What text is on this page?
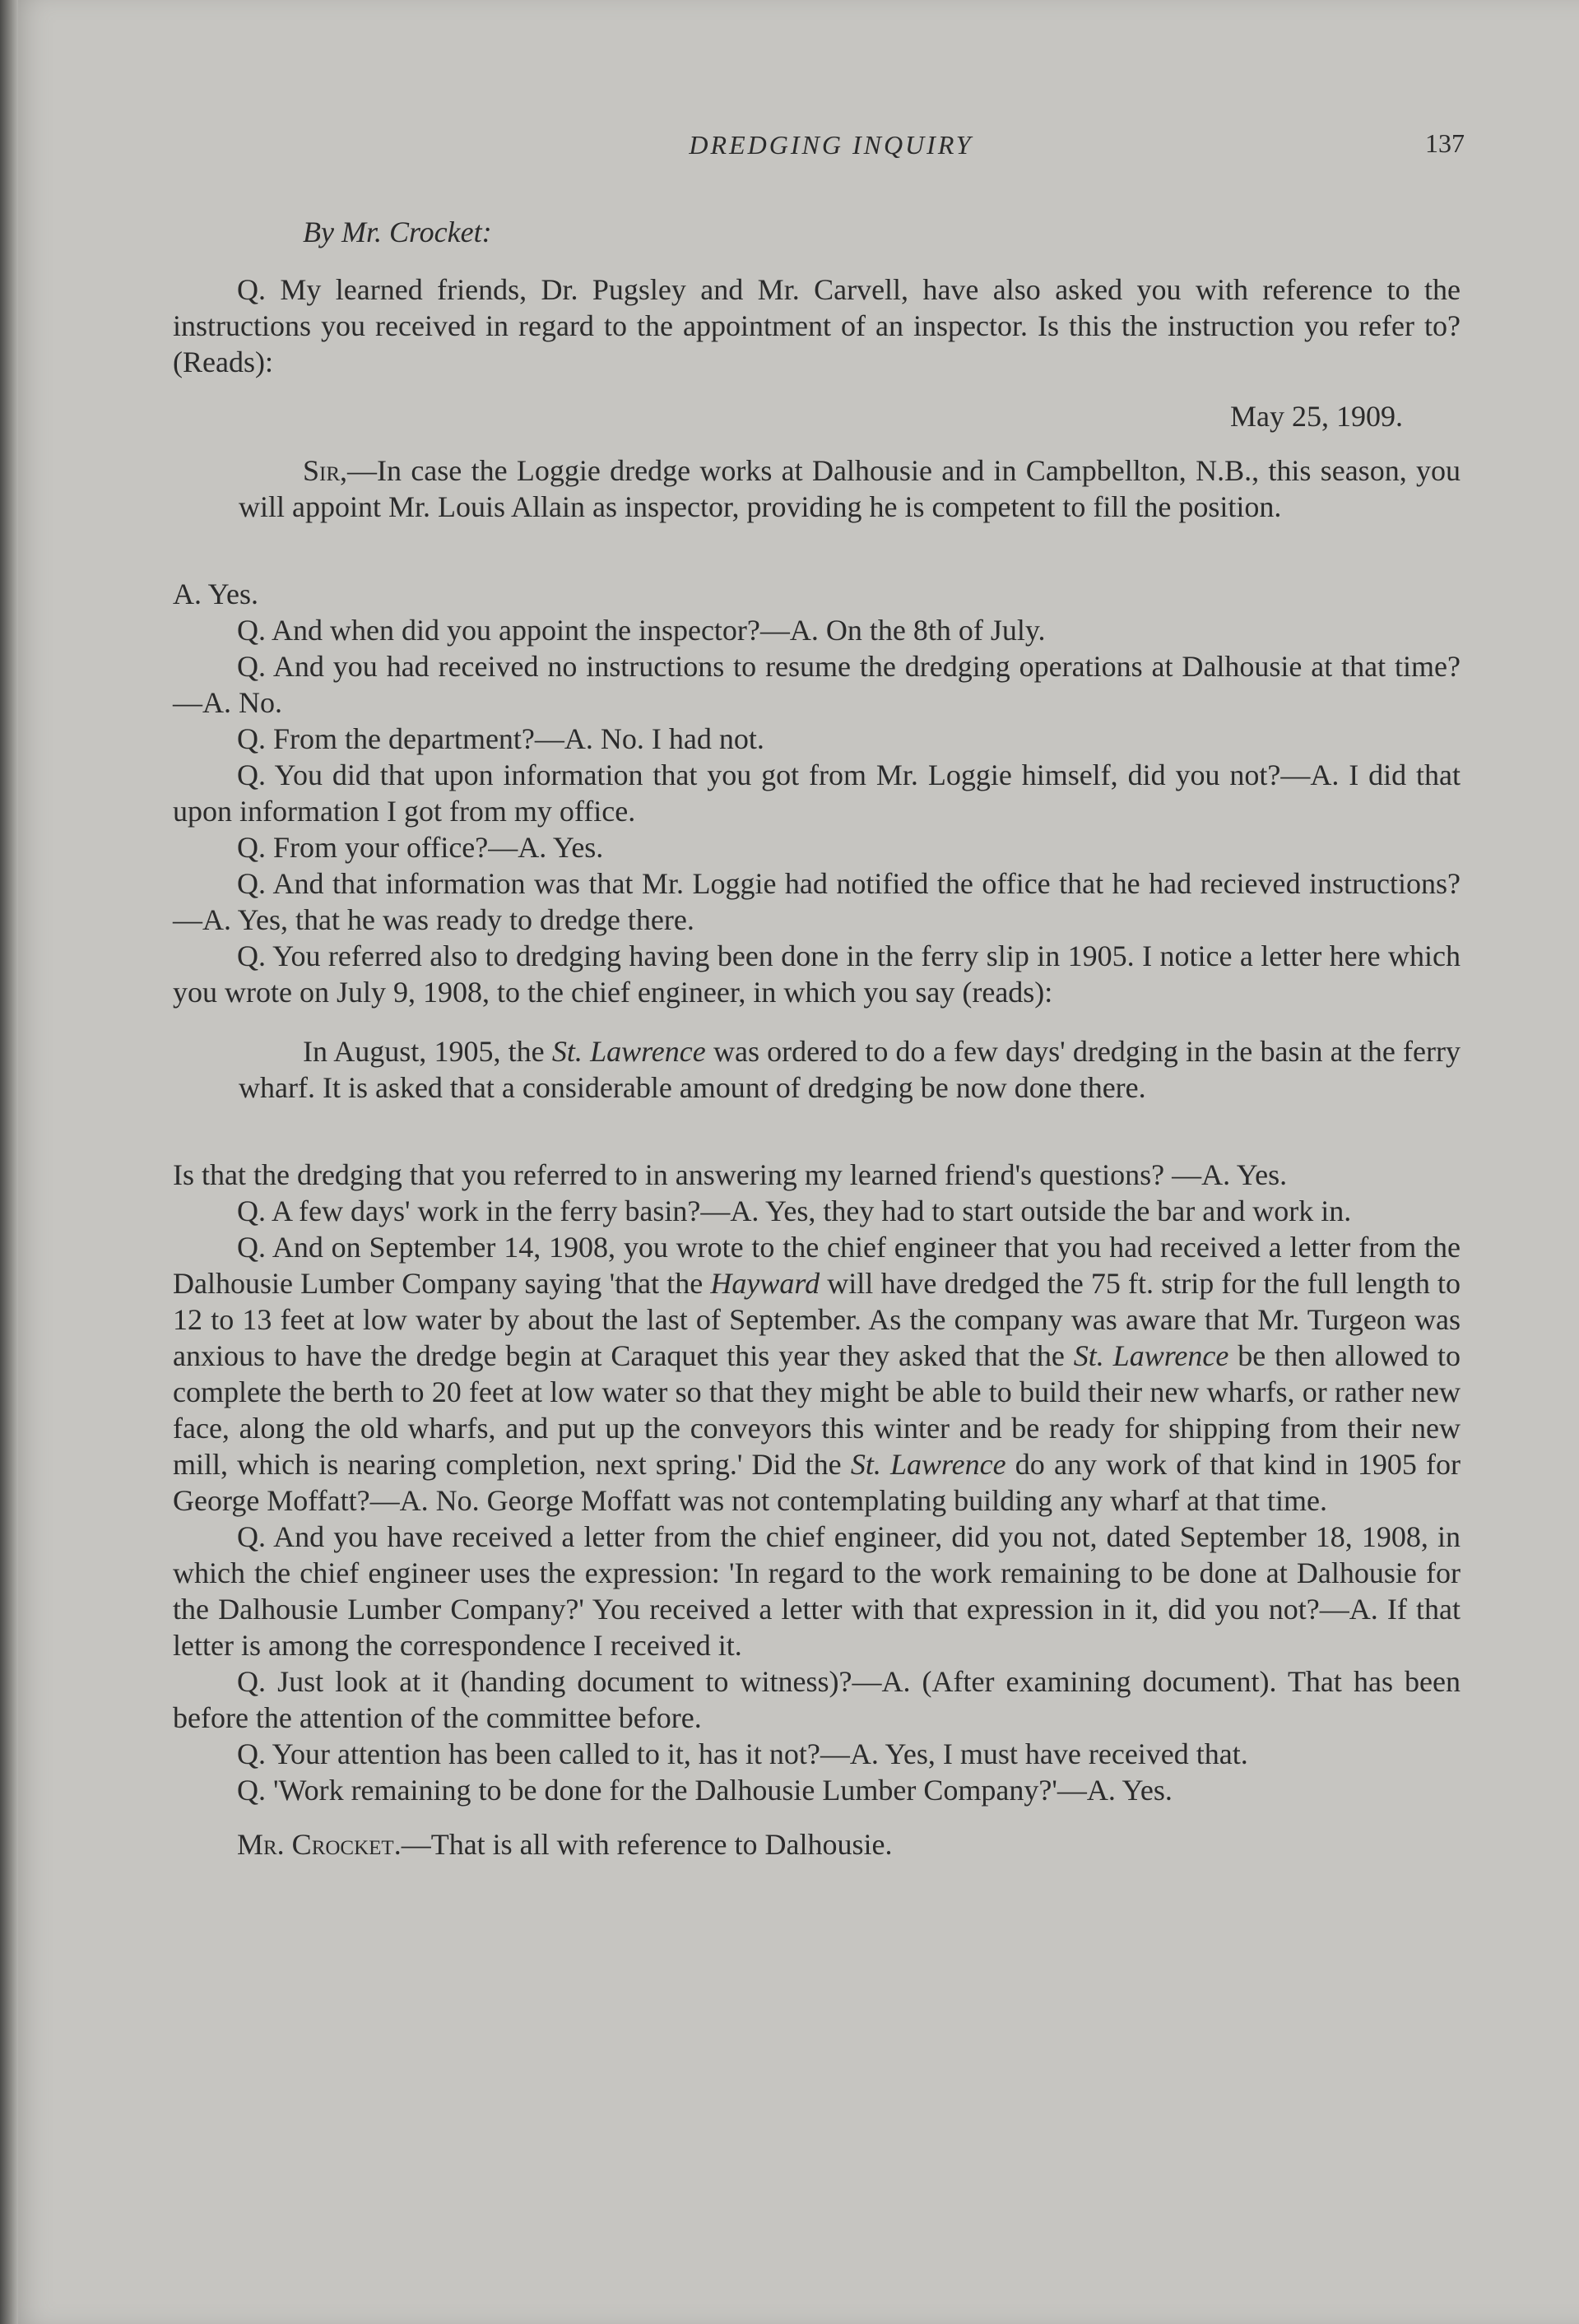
DREDGING INQUIRY	137

By Mr. Crocket:

Q. My learned friends, Dr. Pugsley and Mr. Carvell, have also asked you with reference to the instructions you received in regard to the appointment of an inspector. Is this the instruction you refer to? (Reads):

May 25, 1909.

Sir,—In case the Loggie dredge works at Dalhousie and in Campbellton, N.B., this season, you will appoint Mr. Louis Allain as inspector, providing he is competent to fill the position.

A. Yes.

Q. And when did you appoint the inspector?—A. On the 8th of July.

Q. And you had received no instructions to resume the dredging operations at Dalhousie at that time?—A. No.

Q. From the department?—A. No. I had not.

Q. You did that upon information that you got from Mr. Loggie himself, did you not?—A. I did that upon information I got from my office.

Q. From your office?—A. Yes.

Q. And that information was that Mr. Loggie had notified the office that he had recieved instructions?—A. Yes, that he was ready to dredge there.

Q. You referred also to dredging having been done in the ferry slip in 1905. I notice a letter here which you wrote on July 9, 1908, to the chief engineer, in which you say (reads):

In August, 1905, the St. Lawrence was ordered to do a few days' dredging in the basin at the ferry wharf. It is asked that a considerable amount of dredging be now done there.

Is that the dredging that you referred to in answering my learned friend's questions? —A. Yes.

Q. A few days' work in the ferry basin?—A. Yes, they had to start outside the bar and work in.

Q. And on September 14, 1908, you wrote to the chief engineer that you had received a letter from the Dalhousie Lumber Company saying 'that the Hayward will have dredged the 75 ft. strip for the full length to 12 to 13 feet at low water by about the last of September. As the company was aware that Mr. Turgeon was anxious to have the dredge begin at Caraquet this year they asked that the St. Lawrence be then allowed to complete the berth to 20 feet at low water so that they might be able to build their new wharfs, or rather new face, along the old wharfs, and put up the conveyors this winter and be ready for shipping from their new mill, which is nearing completion, next spring.' Did the St. Lawrence do any work of that kind in 1905 for George Moffatt?—A. No. George Moffatt was not contemplating building any wharf at that time.

Q. And you have received a letter from the chief engineer, did you not, dated September 18, 1908, in which the chief engineer uses the expression: 'In regard to the work remaining to be done at Dalhousie for the Dalhousie Lumber Company?' You received a letter with that expression in it, did you not?—A. If that letter is among the correspondence I received it.

Q. Just look at it (handing document to witness)?—A. (After examining document). That has been before the attention of the committee before.

Q. Your attention has been called to it, has it not?—A. Yes, I must have received that.

Q. 'Work remaining to be done for the Dalhousie Lumber Company?'—A. Yes.

Mr. Crocket.—That is all with reference to Dalhousie.
